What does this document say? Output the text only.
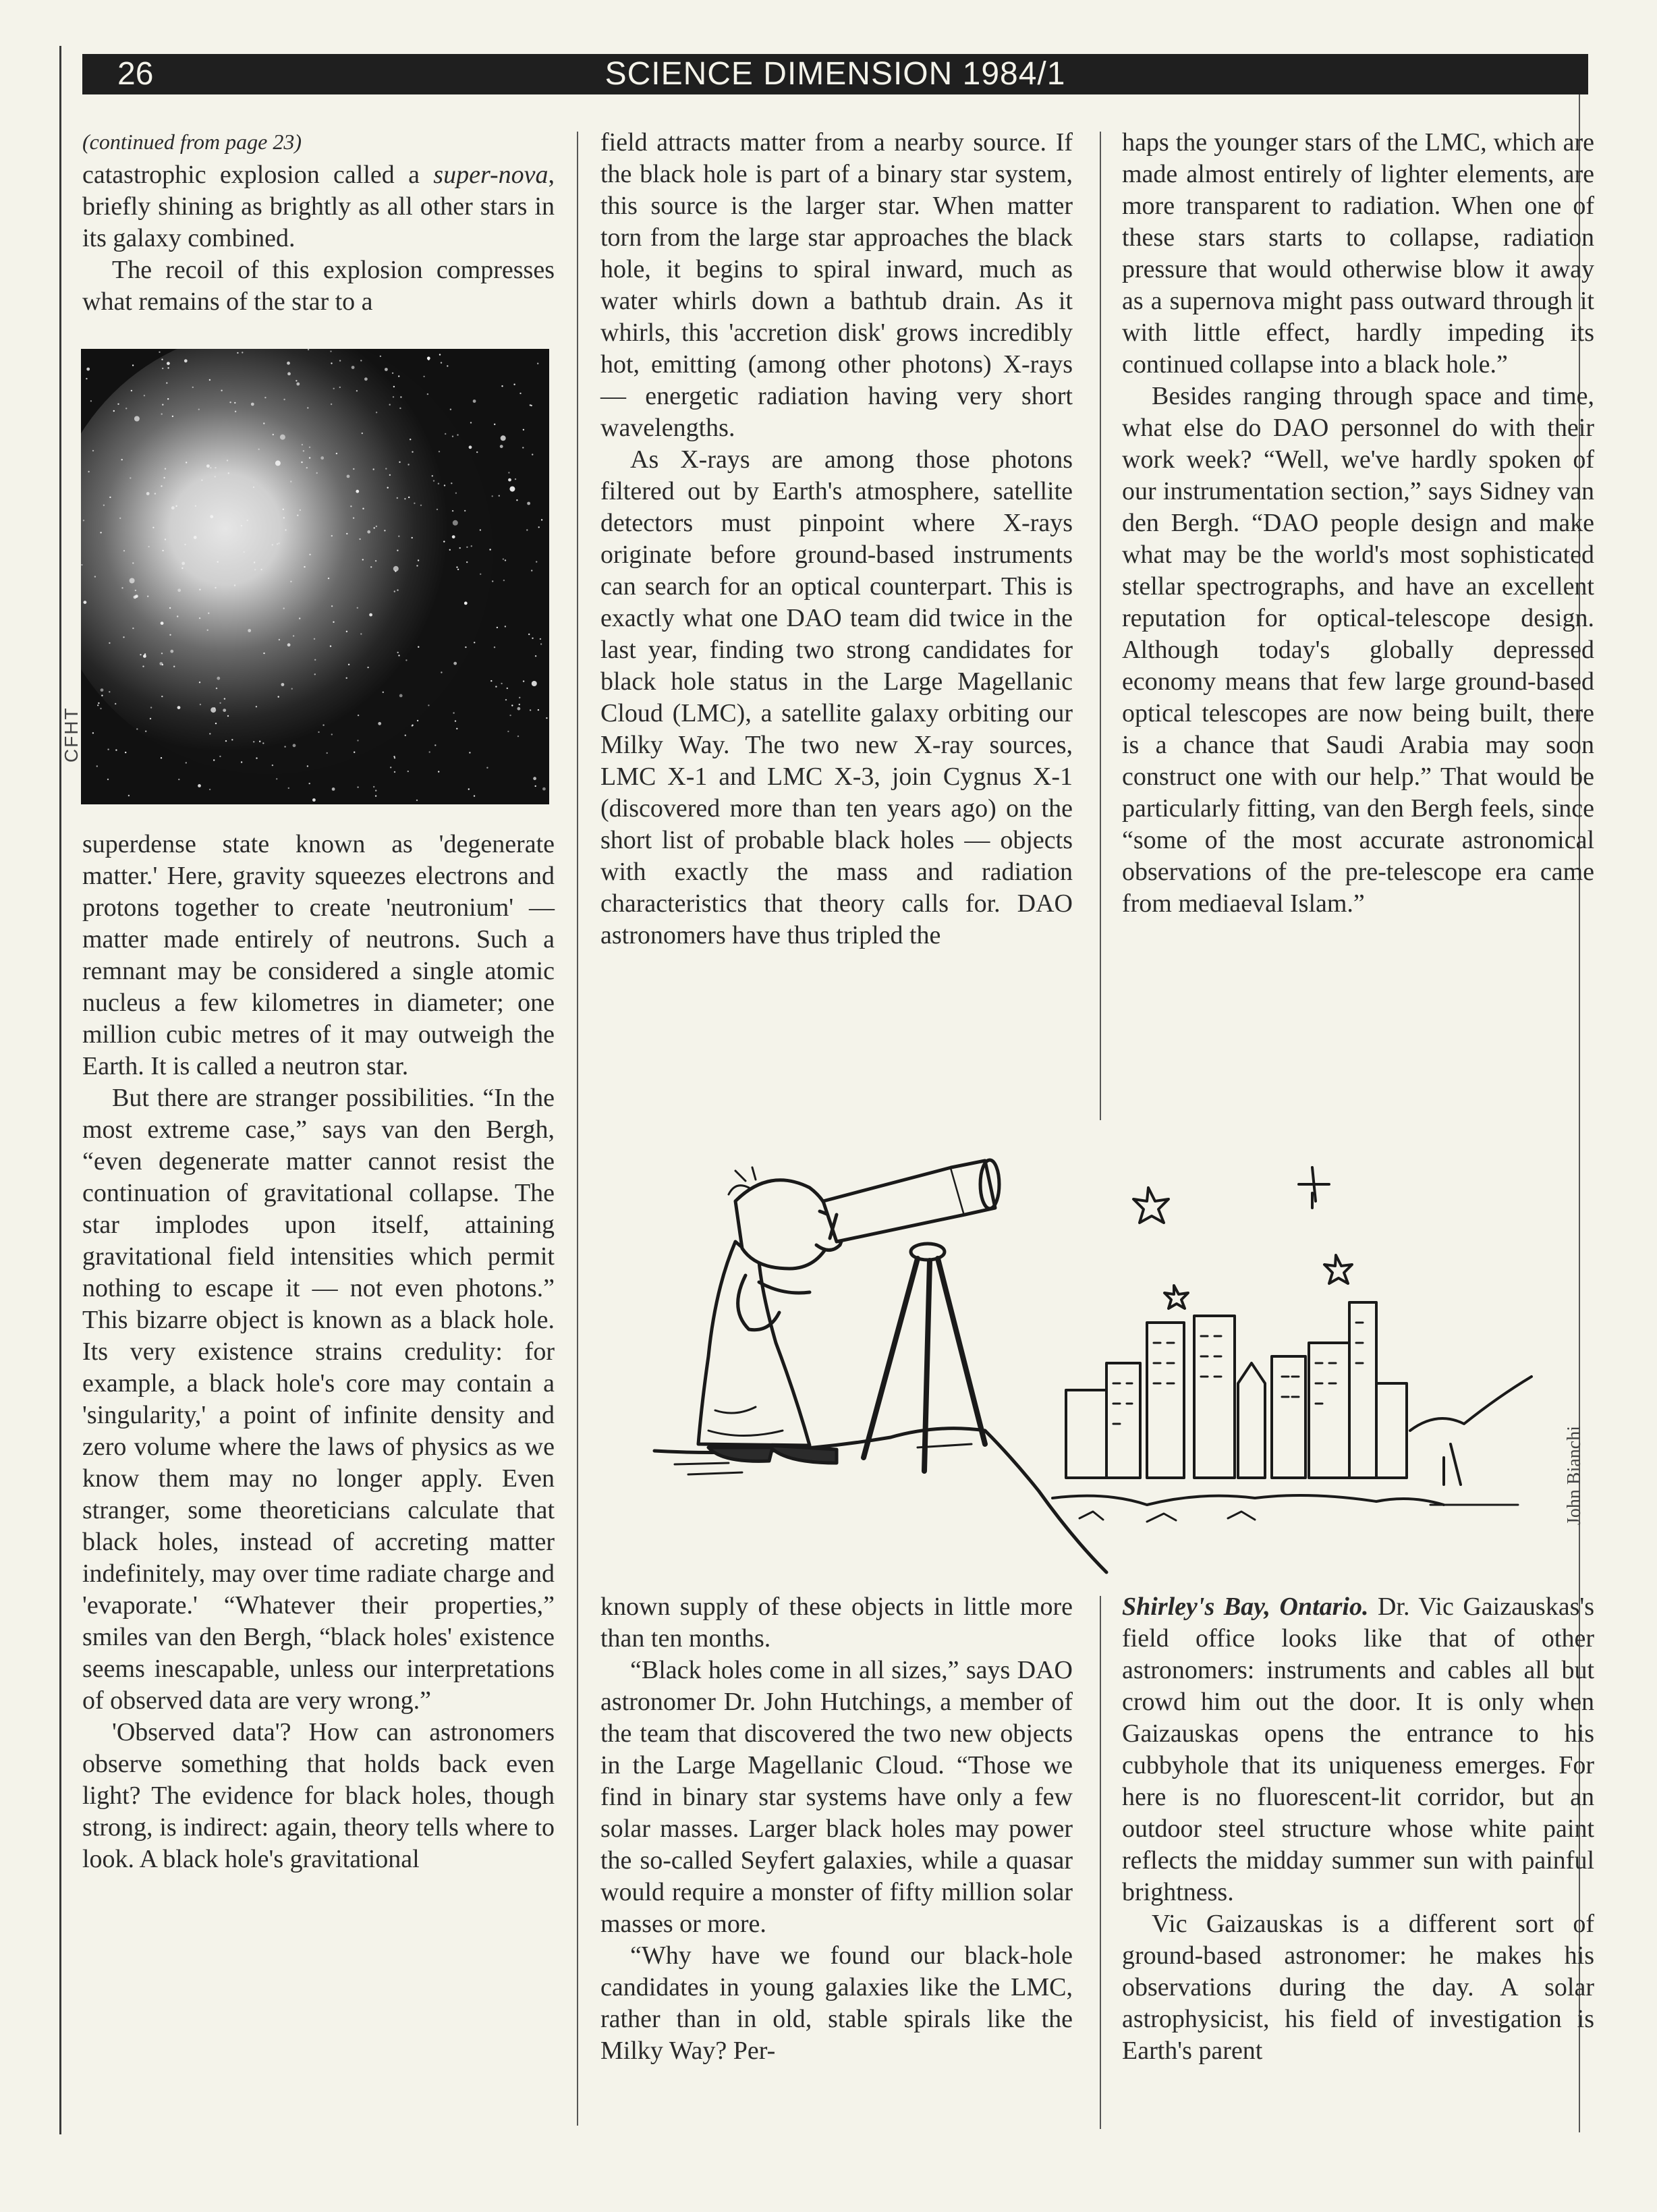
26	SCIENCE DIMENSION 1984/1
(continued from page 23)

catastrophic explosion called a super-nova, briefly shining as brightly as all other stars in its galaxy combined.

The recoil of this explosion compresses what remains of the star to a

CFHT

superdense state known as 'degenerate matter.' Here, gravity squeezes electrons and protons together to create 'neutronium' — matter made entirely of neutrons. Such a remnant may be considered a single atomic nucleus a few kilometres in diameter; one million cubic metres of it may outweigh the Earth. It is called a neutron star.

But there are stranger possibilities. “In the most extreme case,” says van den Bergh, “even degenerate matter cannot resist the continuation of gravitational collapse. The star implodes upon itself, attaining gravitational field intensities which permit nothing to escape it — not even photons.” This bizarre object is known as a black hole. Its very existence strains credulity: for example, a black hole's core may contain a 'singularity,' a point of infinite density and zero volume where the laws of physics as we know them may no longer apply. Even stranger, some theoreticians calculate that black holes, instead of accreting matter indefinitely, may over time radiate charge and 'evaporate.' “Whatever their properties,” smiles van den Bergh, “black holes' existence seems inescapable, unless our interpretations of observed data are very wrong.”

'Observed data'? How can astronomers observe something that holds back even light? The evidence for black holes, though strong, is indirect: again, theory tells where to look. A black hole's gravitational

field attracts matter from a nearby source. If the black hole is part of a binary star system, this source is the larger star. When matter torn from the large star approaches the black hole, it begins to spiral inward, much as water whirls down a bathtub drain. As it whirls, this 'accretion disk' grows incredibly hot, emitting (among other photons) X-rays — energetic radiation having very short wavelengths.

As X-rays are among those photons filtered out by Earth's atmosphere, satellite detectors must pinpoint where X-rays originate before ground-based instruments can search for an optical counterpart. This is exactly what one DAO team did twice in the last year, finding two strong candidates for black hole status in the Large Magellanic Cloud (LMC), a satellite galaxy orbiting our Milky Way. The two new X-ray sources, LMC X-1 and LMC X-3, join Cygnus X-1 (discovered more than ten years ago) on the short list of probable black holes — objects with exactly the mass and radiation characteristics that theory calls for. DAO astronomers have thus tripled the

haps the younger stars of the LMC, which are made almost entirely of lighter elements, are more transparent to radiation. When one of these stars starts to collapse, radiation pressure that would otherwise blow it away as a supernova might pass outward through it with little effect, hardly impeding its continued collapse into a black hole.”

Besides ranging through space and time, what else do DAO personnel do with their work week? “Well, we've hardly spoken of our instrumentation section,” says Sidney van den Bergh. “DAO people design and make what may be the world's most sophisticated stellar spectrographs, and have an excellent reputation for optical-telescope design. Although today's globally depressed economy means that few large ground-based optical telescopes are now being built, there is a chance that Saudi Arabia may soon construct one with our help.” That would be particularly fitting, van den Bergh feels, since “some of the most accurate astronomical observations of the pre-telescope era came from mediaeval Islam.”

John Bianchi

known supply of these objects in little more than ten months.

“Black holes come in all sizes,” says DAO astronomer Dr. John Hutchings, a member of the team that discovered the two new objects in the Large Magellanic Cloud. “Those we find in binary star systems have only a few solar masses. Larger black holes may power the so-called Seyfert galaxies, while a quasar would require a monster of fifty million solar masses or more.

“Why have we found our black-hole candidates in young galaxies like the LMC, rather than in old, stable spirals like the Milky Way? Per-

Shirley's Bay, Ontario. Dr. Vic Gaizauskas's field office looks like that of other astronomers: instruments and cables all but crowd him out the door. It is only when Gaizauskas opens the entrance to his cubbyhole that its uniqueness emerges. For here is no fluorescent-lit corridor, but an outdoor steel structure whose white paint reflects the midday summer sun with painful brightness.

Vic Gaizauskas is a different sort of ground-based astronomer: he makes his observations during the day. A solar astrophysicist, his field of investigation is Earth's parent
